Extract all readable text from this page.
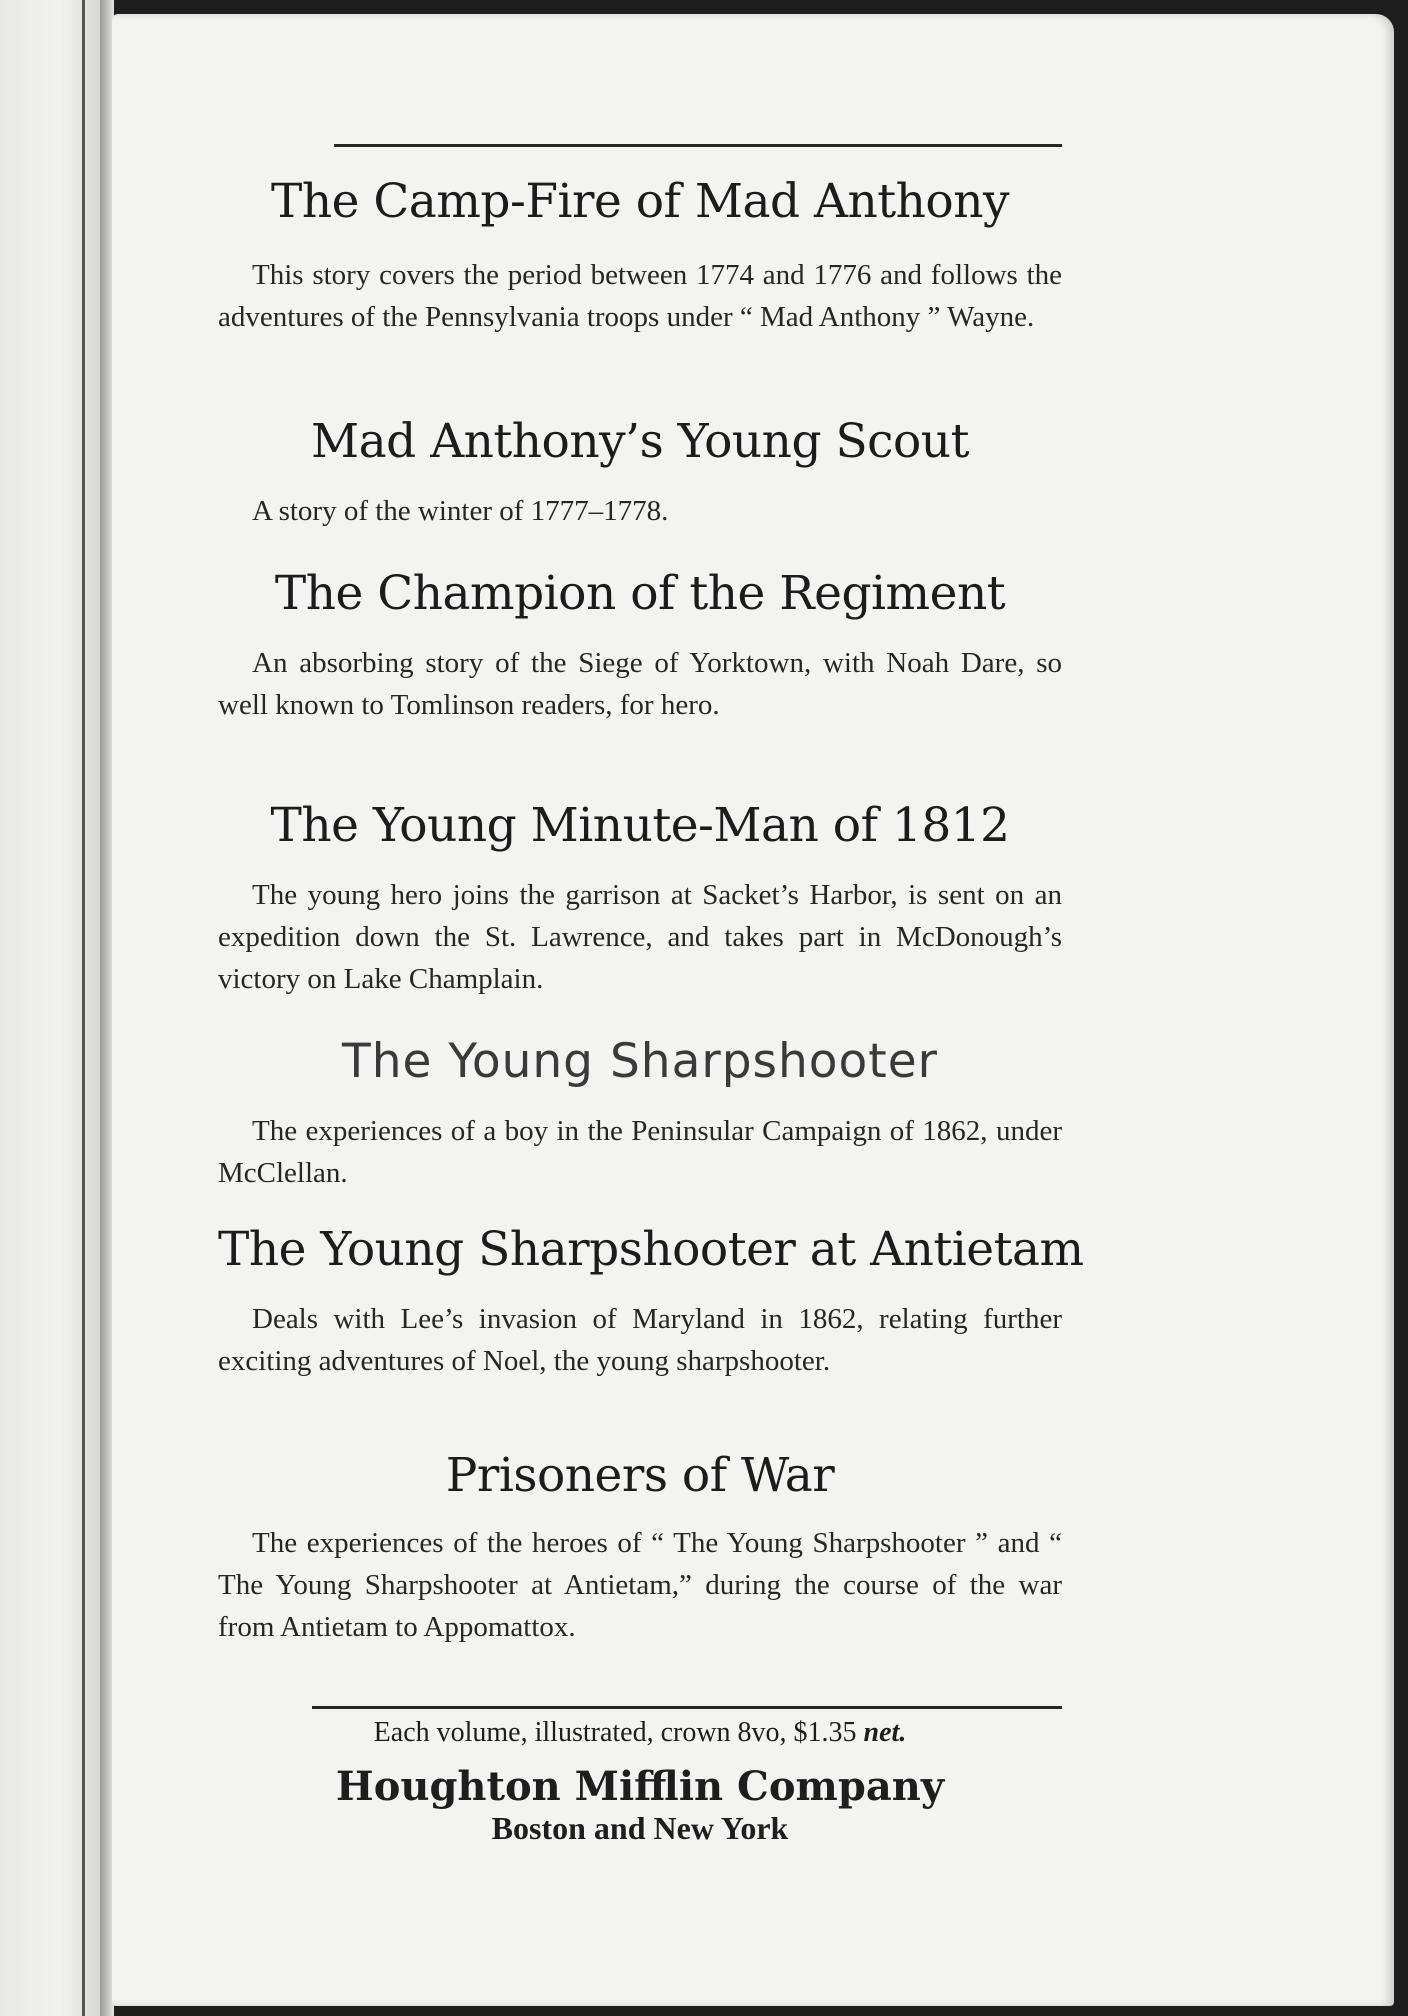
The Camp-Fire of Mad Anthony
This story covers the period between 1774 and 1776 and follows the adventures of the Pennsylvania troops under “ Mad Anthony ” Wayne.
Mad Anthony’s Young Scout
A story of the winter of 1777–1778.
The Champion of the Regiment
An absorbing story of the Siege of Yorktown, with Noah Dare, so well known to Tomlinson readers, for hero.
The Young Minute-Man of 1812
The young hero joins the garrison at Sacket’s Harbor, is sent on an expedition down the St. Lawrence, and takes part in McDonough’s victory on Lake Champlain.
The Young Sharpshooter
The experiences of a boy in the Peninsular Campaign of 1862, under McClellan.
The Young Sharpshooter at Antietam
Deals with Lee’s invasion of Maryland in 1862, relating further exciting adventures of Noel, the young sharpshooter.
Prisoners of War
The experiences of the heroes of “ The Young Sharpshooter ” and “ The Young Sharpshooter at Antietam,” during the course of the war from Antietam to Appomattox.
Each volume, illustrated, crown 8vo, $1.35 net.
Houghton Mifflin Company
Boston and New York
